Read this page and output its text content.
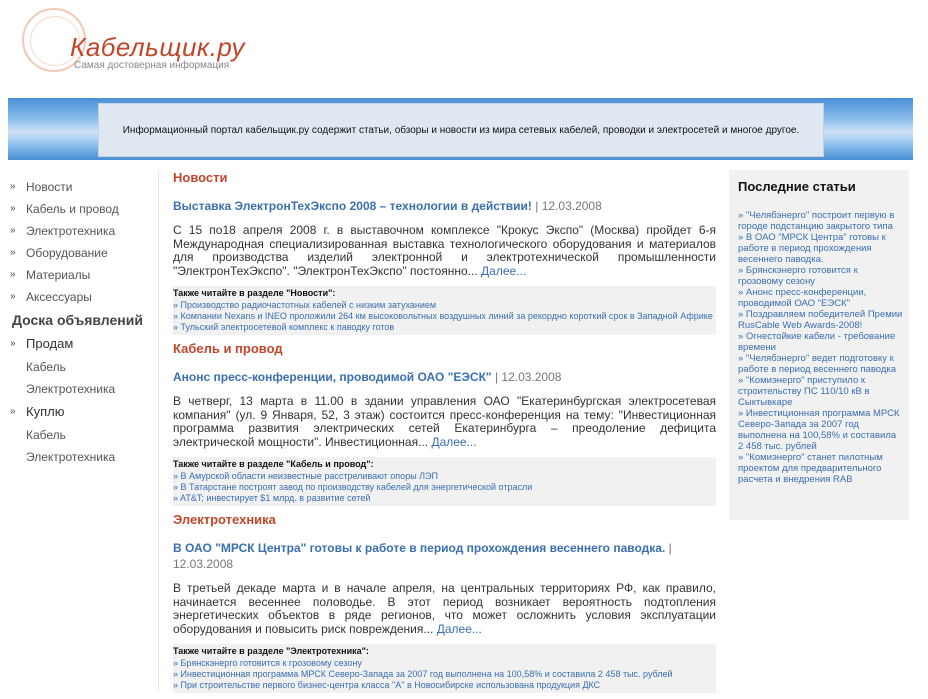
Кабельщик.ру
Самая достоверная информация
Информационный портал кабельщик.ру содержит статьи, обзоры и новости из мира сетевых кабелей, проводки и электросетей и многое другое.
» Новости
» Кабель и провод
» Электротехника
» Оборудование
» Материалы
» Аксессуары
Доска объявлений
» Продам
Кабель
Электротехника
» Куплю
Кабель
Электротехника
Новости
Выставка ЭлектронТехЭкспо 2008 – технологии в действии! | 12.03.2008
С 15 по18 апреля 2008 г. в выставочном комплексе "Крокус Экспо" (Москва) пройдет 6-я Международная специализированная выставка технологического оборудования и материалов для производства изделий электронной и электротехнической промышленности "ЭлектронТехЭкспо". "ЭлектронТехЭкспо" постоянно... Далее...
Также читайте в разделе "Новости":
» Производство радиочастотных кабелей с низким затуханием
» Компании Nexans и INEO проложили 264 км высоковольтных воздушных линий за рекордно короткий срок в Западной Африке
» Тульский электросетевой комплекс к паводку готов
Кабель и провод
Анонс пресс-конференции, проводимой ОАО "ЕЭСК" | 12.03.2008
В четверг, 13 марта в 11.00 в здании управления ОАО "Екатеринбургская электросетевая компания" (ул. 9 Января, 52, 3 этаж) состоится пресс-конференция на тему: "Инвестиционная программа развития электрических сетей Екатеринбурга – преодоление дефицита электрической мощности". Инвестиционная... Далее...
Также читайте в разделе "Кабель и провод":
» В Амурской области неизвестные расстреливают опоры ЛЭП
» В Татарстане построят завод по производству кабелей для энергетической отрасли
» AT&T; инвестирует $1 млрд. в развитие сетей
Электротехника
В ОАО "МРСК Центра" готовы к работе в период прохождения весеннего паводка. | 12.03.2008
В третьей декаде марта и в начале апреля, на центральных территориях РФ, как правило, начинается весеннее половодье. В этот период возникает вероятность подтопления энергетических объектов в ряде регионов, что может осложнить условия эксплуатации оборудования и повысить риск повреждения... Далее...
Также читайте в разделе "Электротехника":
» Брянскэнерго готовится к грозовому сезону
» Инвестиционная программа МРСК Северо-Запада за 2007 год выполнена на 100,58% и составила 2 458 тыс. рублей
» При строительстве первого бизнес-центра класса "А" в Новосибирске использована продукция ДКС
Последние статьи
» "Челябэнерго" построит первую в городе подстанцию закрытого типа
» В ОАО "МРСК Центра" готовы к работе в период прохождения весеннего паводка.
» Брянскэнерго готовится к грозовому сезону
» Анонс пресс-конференции, проводимой ОАО "ЕЭСК"
» Поздравляем победителей Премии RusCable Web Awards-2008!
» Огнестойкие кабели - требование времени
» "Челябэнерго" ведет подготовку к работе в период весеннего паводка
» "Комиэнерго" приступило к строительству ПС 110/10 кВ в Сыктывкаре
» Инвестиционная программа МРСК Северо-Запада за 2007 год выполнена на 100,58% и составила 2 458 тыс. рублей
» "Комиэнерго" станет пилотным проектом для предварительного расчета и внедрения RAB
